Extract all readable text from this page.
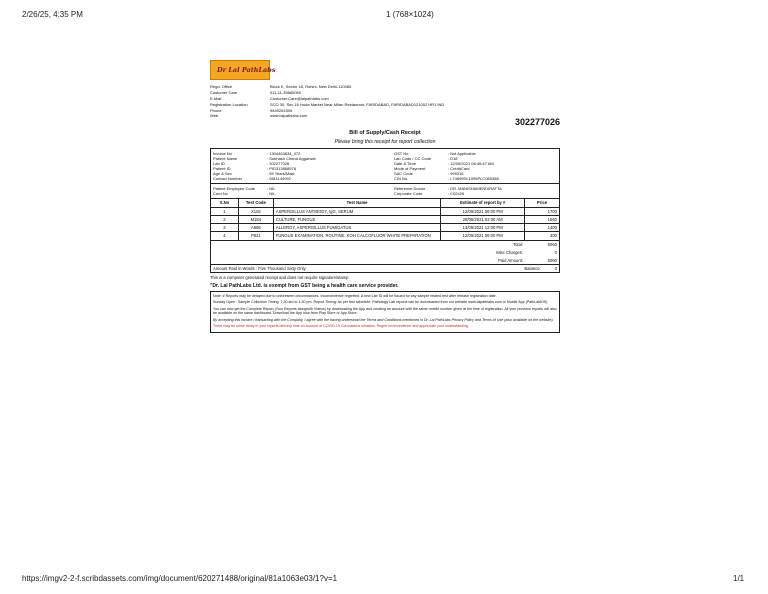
2/26/25, 4:35 PM	1 (768×1024)
https://imgv2-2-f.scribdassets.com/img/document/620271488/original/81a1063e03/1?v=1	1/1
Dr Lal PathLabs
Regd. Office	Block E, Sector 18, Rohini, New Delhi-110085
Customer Care	011-11-39885050
E-Mail	Customer.Care@lalpathlabs.com
Registration Location	SCO 30, Sec.16 Huda Market Near Milan Restaurant, FARIDABAD, FARIDABAD121002 HR1 IND
Phone	9849261505
Web	www.lalpathlabs.com
302277026
Bill of Supply/Cash Receipt
Please bring this receipt for report collection
Invoice No	: 1304463834_072
Patient Name	: Subhash Chand Aggarwal
Lab ID	: 302277026
Patient ID	: PID313868978
Age & Sex	: 59 Years/Male
Contact Number	: 9811144092
GST No	: Not Applicable
Lab Code / CC Code	: D18
Date & Time	: 12/05/2021 08:46:47 AM
Mode of Payment	: CreditCard
SAC Code	: 999316
CIN No.	: L74899DL1995PLC065388
Patient Employee Code	: NIL
Card No	: NIL
Reference Doctor	: DR. MANISHAMENDIRATTA
Corporate Code	: C02426
S.No	Test Code	Test Name	Estimate of report by #	Price
1	X102	ASPERGILLUS ANTIBODY, IgG, SERUM	12/05/2021 06:00 PM	1700
2	M184	CULTURE, FUNGUS	28/05/2021 02:00 AM	1560
3	A666	ALLERGY, ASPERGILLUS FUMIGATUS	13/05/2021 12:00 PM	1400
4	P821	FUNGUS EXAMINATION, ROUTINE, KOH CALCOFLUOR WHITE PREPARATION	12/05/2021 06:00 PM	400
Total:	5060
Misc Charges:	0
Paid Amount:	5060
Amount Paid in Words : Five Thousand Sixty Only	Balance:	0
This is a computer generated receipt and does not require signature/stamp
"Dr. Lal PathLabs Ltd. is exempt from GST being a health care service provider.

Note: # Reports may be delayed due to unforeseen circumstances. Inconvenience regretted. A new Lab ID will be issued for any sample related test after release registration date.

Sunday Open : Sample Collection Timing: 7:30 am to 1:30 pm. Report Timing: As per test schedule. Pathology Lab reports can be downloaded from our website www.lalpathlabs.com or Mobile App (PathLabIDS)

You can now get the Complete Report (Your Reports alongwith Videos) by downloading the App and creating an account with the same mobile number given at the time of registration. All your previous reports will also be available on the same dashboard. Download the App now from Play Store or App Store.

By accepting this invoice / transacting with the Company, I agree with the having understood the Terms and Conditions mentioned in Dr. Lal PathLabs Privacy Policy and Terms of Use (also available on the website).

There may be some delay in your reports delivery time on account of COVID-19 Coronavirus situation. Regret inconvenience and appreciate your understanding.
